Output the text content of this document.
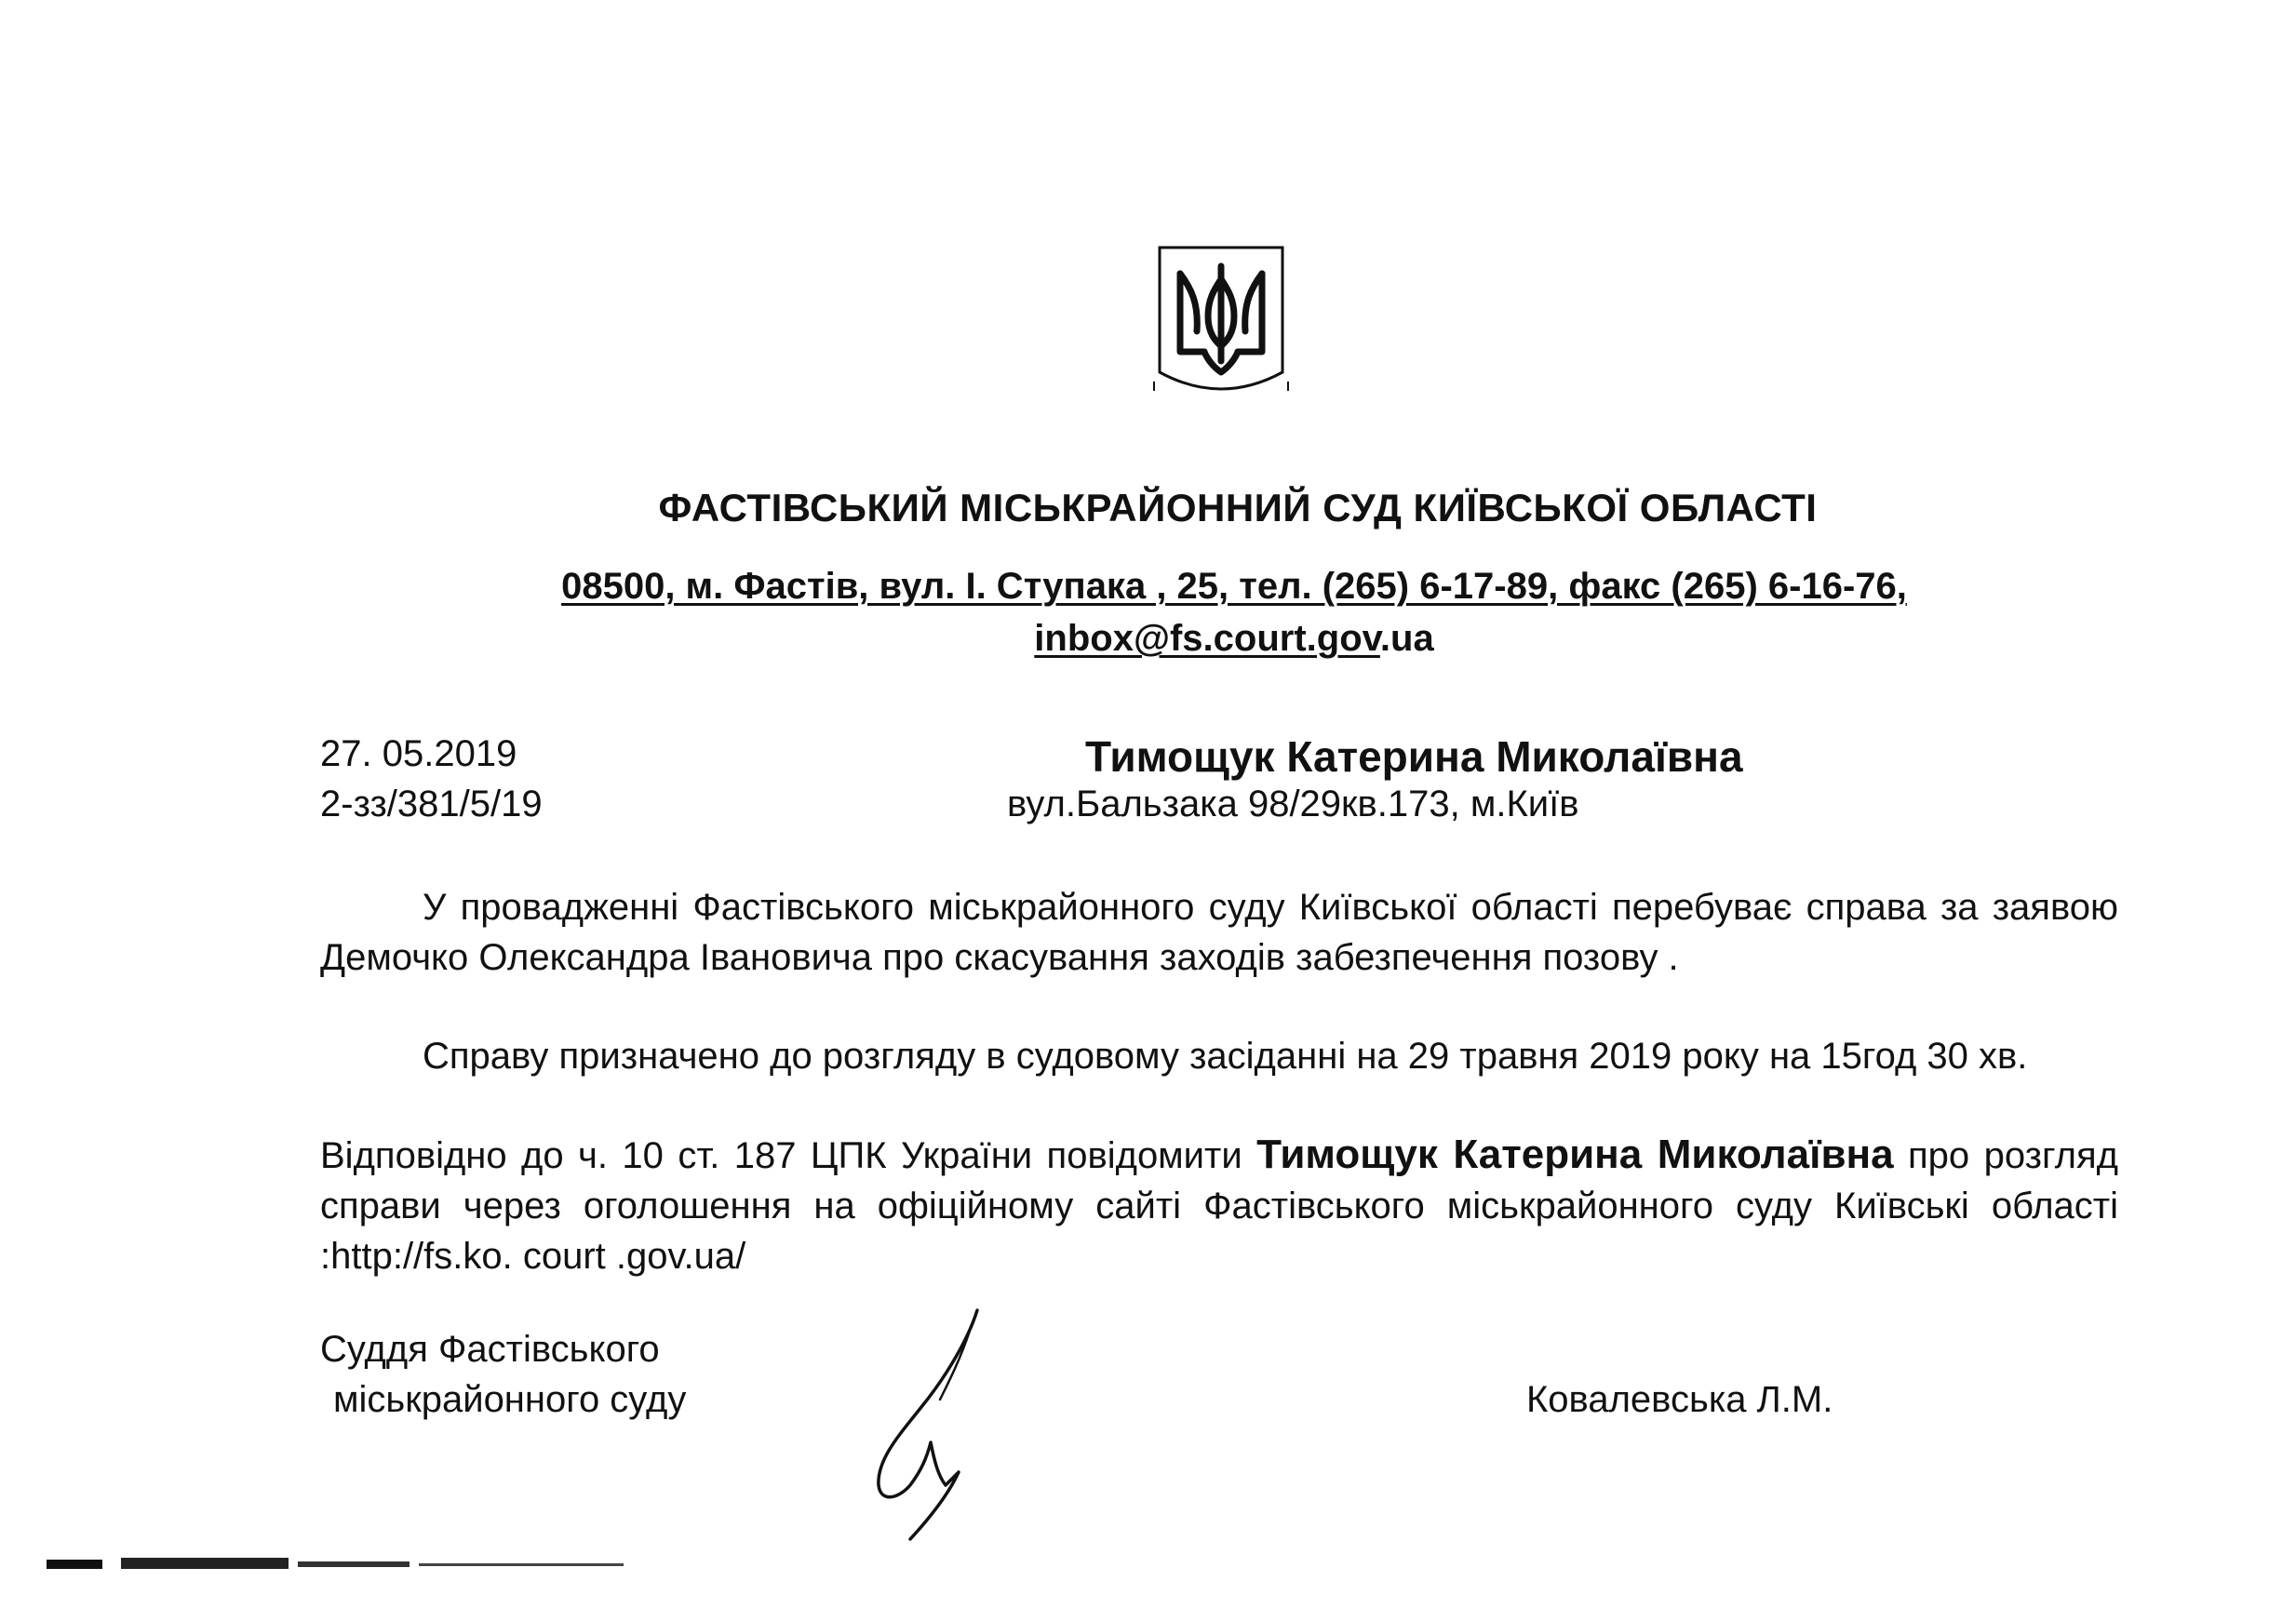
ФАСТІВСЬКИЙ МІСЬКРАЙОННИЙ СУД КИЇВСЬКОЇ ОБЛАСТІ
08500, м. Фастів, вул. І. Ступака , 25, тел. (265) 6-17-89, факс (265) 6-16-76,
inbox@fs.court.gov.ua
27. 05.2019
2-зз/381/5/19
Тимощук Катерина Миколаївна
вул.Бальзака 98/29кв.173, м.Київ
У провадженні Фастівського міськрайонного суду Київської області перебуває справа за заявою Демочко Олександра Івановича про скасування заходів забезпечення позову .
Справу призначено до розгляду в судовому засіданні на 29 травня 2019 року на 15год 30 хв.
Відповідно до ч. 10 ст. 187 ЦПК України повідомити Тимощук Катерина Миколаївна про розгляд справи через оголошення на офіційному сайті Фастівського міськрайонного суду Київські області :http://fs.ko. court .gov.ua/
Суддя Фастівського
міськрайонного суду	Ковалевська Л.М.
